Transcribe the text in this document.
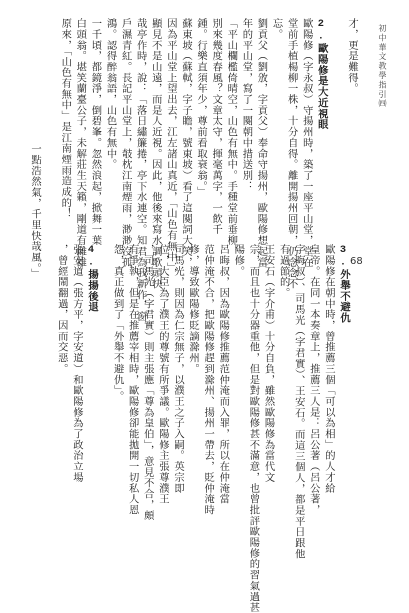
68
初中華文教學指引㈣
才，更是難得。

2.歐陽修是大近視眼
歐陽修（字永叔）守揚州時，築了一座平山堂，堂在
堂前手植楊柳一株，十分自得。離開揚州回朝，仍念念不
忘。
劉貢父（劉攽，字貢父）奉命守揚州，歐陽修想起當
年的平山堂，寫了一闋朝中措送別：
「平山欄檻倚晴空，山色有無中。手種堂前垂柳，
別來幾度春風？文章太守，揮毫萬字，一飲千
鍾。行樂直須年少，尊前看取衰翁。」
蘇東坡（蘇軾，字子瞻，號東坡）看了這闋詞大笑，
因為平山堂上望出去，江左諸山真近，「山色有無中」，
顯見不是山遠，而是人近視。因此，他後來寫水調歌頭快
哉亭作時，說：「落日繡簾捲，亭下水連空。知君為我新作，窗
戶濕青紅。長記平山堂上，攲枕江南煙雨，渺渺沒孤
鴻。認得醉翁語，山色有無中。
一千頃，都鏡淨，倒碧峯。忽然浪起，掀舞一葉
白頭翁。堪笑蘭臺公子，未解莊生天籟，剛道有雌雄
原來，「山色有無中」是江南煙雨造成的！

一點浩然氣，千里快哉風。」

3.外舉不避仇
歐陽修在朝中時，曾推薦三個「可以為相」的人才給
皇帝。在同一本奏章上，推薦三人是：呂公著（呂公著，
字晦叔）、司馬光（字君實）、王安石。而這三個人，都是平日跟他
有過節的。
王安石（字介甫）十分自負，雖然歐陽修為當代文
宗，而且也十分器重他，但是對歐陽修甚不滿意，也曾批評歐陽修的習氣過甚
陽修。
呂晦叔，因為歐陽修推薦范仲淹而入罪，所以在仲淹當
范仲淹不合，把歐陽修趕到滁州、揚州一帶去，貶仲淹時
修，導致歐陽修貶謫滁州。
司馬光，則因為仁宗無子，以濮王之子入嗣。英宗即
位，大臣為了濮王的尊號有所爭議。歐陽修主張尊濮王
，司馬光（字君實）則主張應「尊為皇伯」，意見不合，頗
有爭執，但是在推薦宰相時，歐陽修卻能拋開一切私人恩
怨，真正做到了「外舉不避仇」。

4.揚揚後退
張安道（張方平，字安道）和歐陽修為了政治立場
，曾經鬧翻過，因而交惡。
